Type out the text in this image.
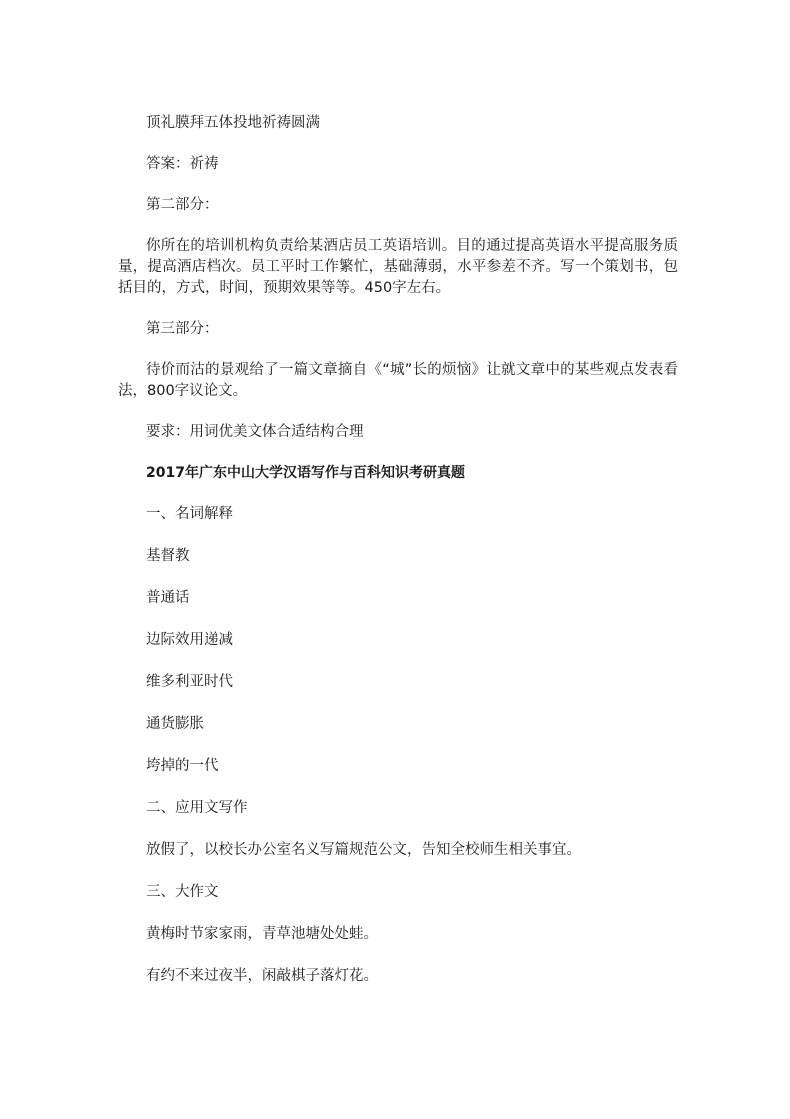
顶礼膜拜五体投地祈祷圆满

答案：祈祷

第二部分：

你所在的培训机构负责给某酒店员工英语培训。目的通过提高英语水平提高服务质量，提高酒店档次。员工平时工作繁忙，基础薄弱，水平参差不齐。写一个策划书，包括目的，方式，时间，预期效果等等。450字左右。

第三部分：

待价而沽的景观给了一篇文章摘自《“城”长的烦恼》让就文章中的某些观点发表看法，800字议论文。

要求：用词优美文体合适结构合理

2017年广东中山大学汉语写作与百科知识考研真题

一、名词解释

基督教

普通话

边际效用递减

维多利亚时代

通货膨胀

垮掉的一代

二、应用文写作

放假了，以校长办公室名义写篇规范公文，告知全校师生相关事宜。

三、大作文

黄梅时节家家雨，青草池塘处处蛙。

有约不来过夜半，闲敲棋子落灯花。
